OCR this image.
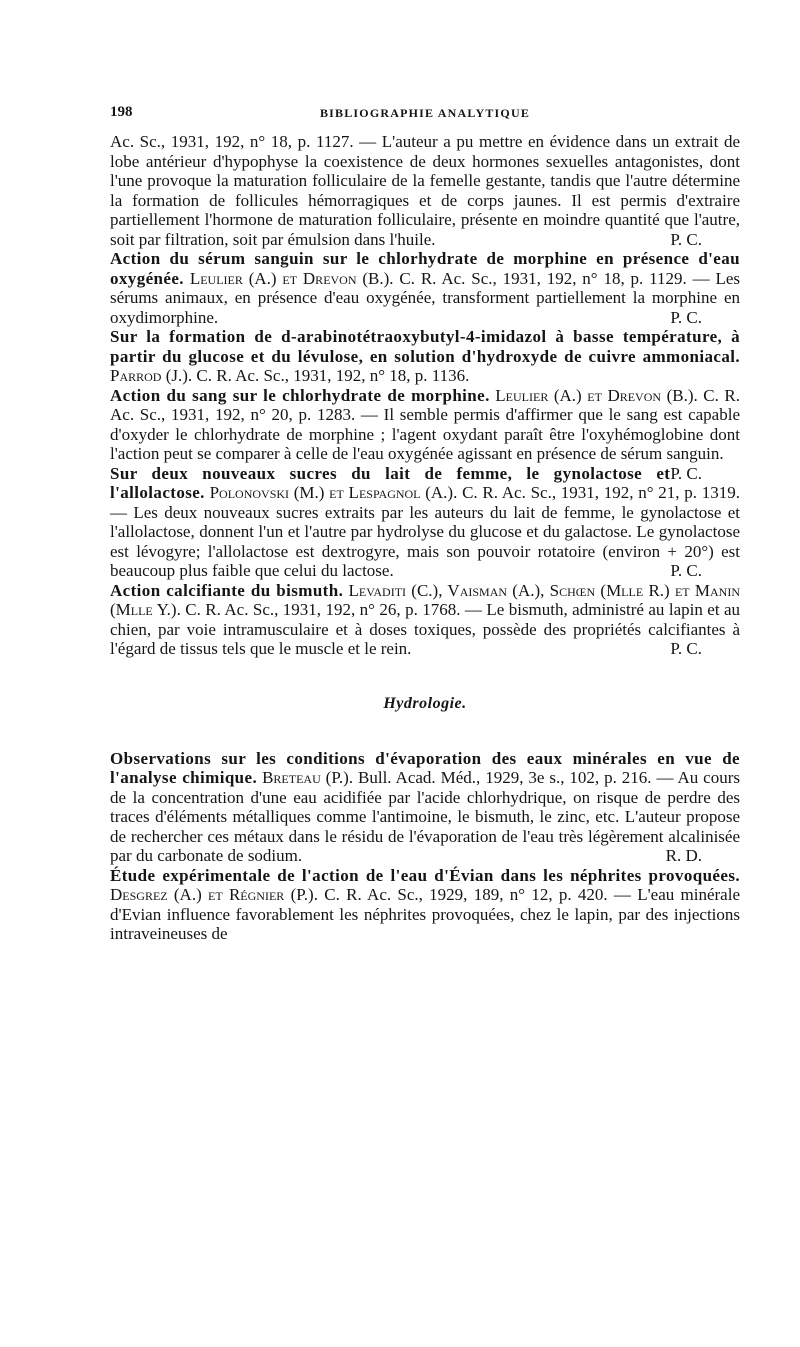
198	BIBLIOGRAPHIE ANALYTIQUE

Ac. Sc., 1931, 192, n° 18, p. 1127. — L'auteur a pu mettre en évidence dans un extrait de lobe antérieur d'hypophyse la coexistence de deux hormones sexuelles antagonistes, dont l'une provoque la maturation folliculaire de la femelle gestante, tandis que l'autre détermine la formation de follicules hémorragiques et de corps jaunes. Il est permis d'extraire partiellement l'hormone de maturation folliculaire, présente en moindre quantité que l'autre, soit par filtration, soit par émulsion dans l'huile.	P. C.

Action du sérum sanguin sur le chlorhydrate de morphine en présence d'eau oxygénée. Leulier (A.) et Drevon (B.). C. R. Ac. Sc., 1931, 192, n° 18, p. 1129. — Les sérums animaux, en présence d'eau oxygénée, transforment partiellement la morphine en oxydimorphine.	P. C.

Sur la formation de d-arabinotétraoxybutyl-4-imidazol à basse température, à partir du glucose et du lévulose, en solution d'hydroxyde de cuivre ammoniacal. Parrod (J.). C. R. Ac. Sc., 1931, 192, n° 18, p. 1136.

Action du sang sur le chlorhydrate de morphine. Leulier (A.) et Drevon (B.). C. R. Ac. Sc., 1931, 192, n° 20, p. 1283. — Il semble permis d'affirmer que le sang est capable d'oxyder le chlorhydrate de morphine ; l'agent oxydant paraît être l'oxyhémoglobine dont l'action peut se comparer à celle de l'eau oxygénée agissant en présence de sérum sanguin.
P. C.

Sur deux nouveaux sucres du lait de femme, le gynolactose et l'allolactose. Polonovski (M.) et Lespagnol (A.). C. R. Ac. Sc., 1931, 192, n° 21, p. 1319. — Les deux nouveaux sucres extraits par les auteurs du lait de femme, le gynolactose et l'allolactose, donnent l'un et l'autre par hydrolyse du glucose et du galactose. Le gynolactose est lévogyre; l'allolactose est dextrogyre, mais son pouvoir rotatoire (environ + 20°) est beaucoup plus faible que celui du lactose.	P. C.

Action calcifiante du bismuth. Levaditi (C.), Vaisman (A.), Schœn (Mlle R.) et Manin (Mlle Y.). C. R. Ac. Sc., 1931, 192, n° 26, p. 1768. — Le bismuth, administré au lapin et au chien, par voie intramusculaire et à doses toxiques, possède des propriétés calcifiantes à l'égard de tissus tels que le muscle et le rein.	P. C.

Hydrologie.

Observations sur les conditions d'évaporation des eaux minérales en vue de l'analyse chimique. Breteau (P.). Bull. Acad. Méd., 1929, 3e s., 102, p. 216. — Au cours de la concentration d'une eau acidifiée par l'acide chlorhydrique, on risque de perdre des traces d'éléments métalliques comme l'antimoine, le bismuth, le zinc, etc. L'auteur propose de rechercher ces métaux dans le résidu de l'évaporation de l'eau très légèrement alcalinisée par du carbonate de sodium.	R. D.

Étude expérimentale de l'action de l'eau d'Évian dans les néphrites provoquées. Desgrez (A.) et Régnier (P.). C. R. Ac. Sc., 1929, 189, n° 12, p. 420. — L'eau minérale d'Evian influence favorablement les néphrites provoquées, chez le lapin, par des injections intraveineuses de
